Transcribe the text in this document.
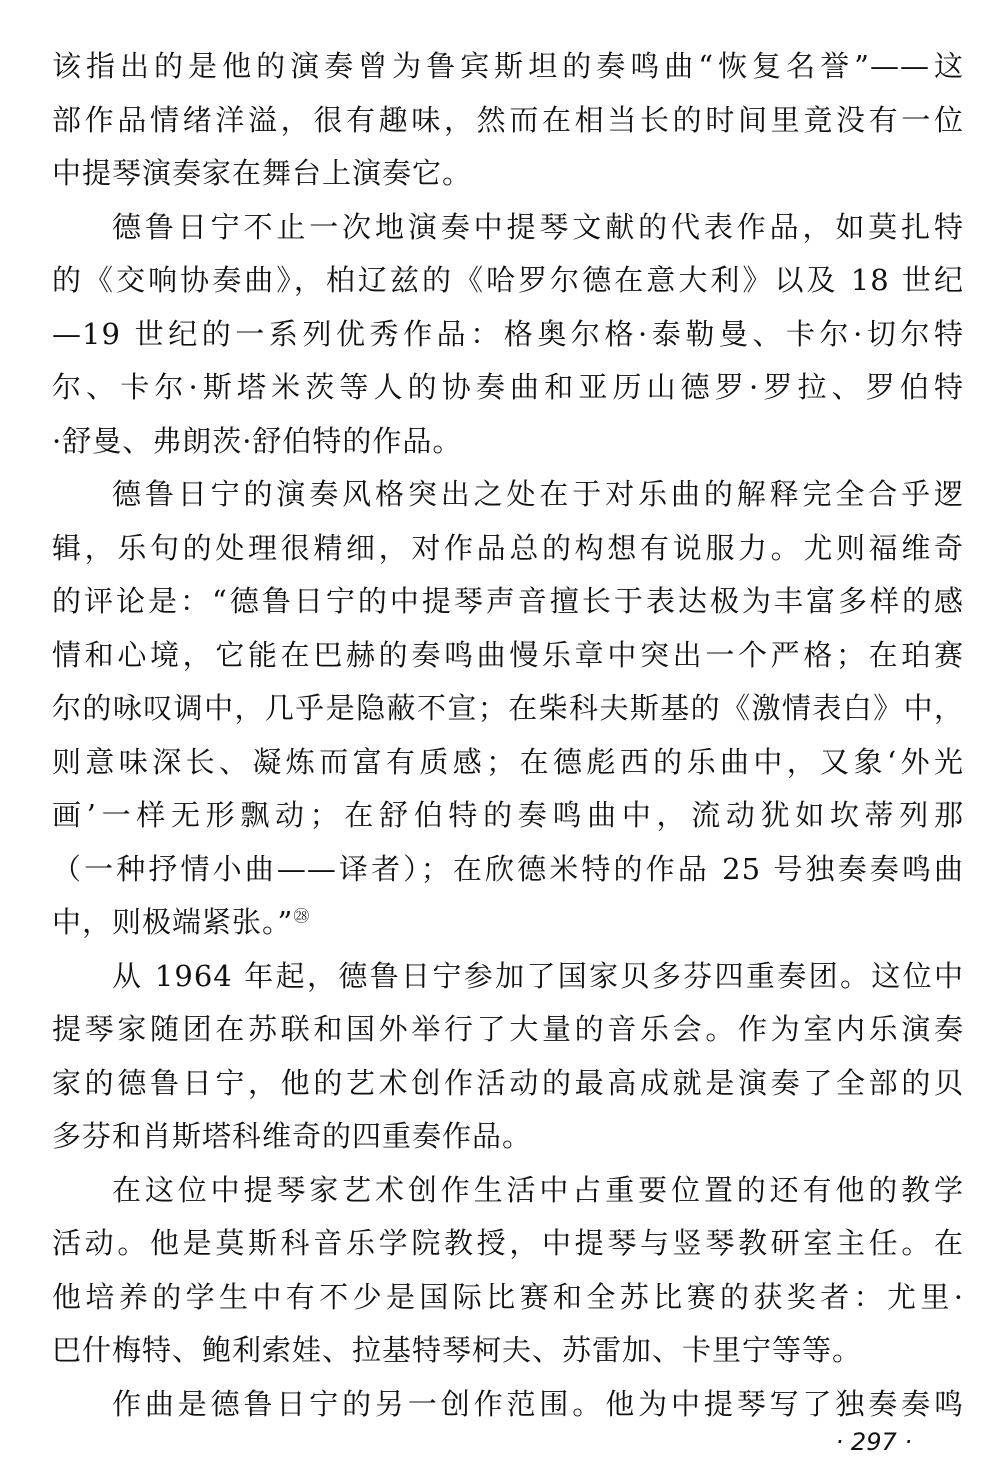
该指出的是他的演奏曾为鲁宾斯坦的奏鸣曲“恢复名誉”——这
部作品情绪洋溢，很有趣味，然而在相当长的时间里竟没有一位
中提琴演奏家在舞台上演奏它。
德鲁日宁不止一次地演奏中提琴文献的代表作品，如莫扎特
的《交响协奏曲》，柏辽兹的《哈罗尔德在意大利》以及 18 世纪
—19 世纪的一系列优秀作品：格奥尔格·泰勒曼、卡尔·切尔特
尔、卡尔·斯塔米茨等人的协奏曲和亚历山德罗·罗拉、罗伯特
·舒曼、弗朗茨·舒伯特的作品。
德鲁日宁的演奏风格突出之处在于对乐曲的解释完全合乎逻
辑，乐句的处理很精细，对作品总的构想有说服力。尤则福维奇
的评论是：“德鲁日宁的中提琴声音擅长于表达极为丰富多样的感
情和心境，它能在巴赫的奏鸣曲慢乐章中突出一个严格；在珀赛
尔的咏叹调中，几乎是隐蔽不宣；在柴科夫斯基的《激情表白》中，
则意味深长、凝炼而富有质感；在德彪西的乐曲中，又象‘外光
画’一样无形飘动；在舒伯特的奏鸣曲中，流动犹如坎蒂列那
（一种抒情小曲——译者）；在欣德米特的作品 25 号独奏奏鸣曲
中，则极端紧张。”$^㉘$
从 1964 年起，德鲁日宁参加了国家贝多芬四重奏团。这位中
提琴家随团在苏联和国外举行了大量的音乐会。作为室内乐演奏
家的德鲁日宁，他的艺术创作活动的最高成就是演奏了全部的贝
多芬和肖斯塔科维奇的四重奏作品。
在这位中提琴家艺术创作生活中占重要位置的还有他的教学
活动。他是莫斯科音乐学院教授，中提琴与竖琴教研室主任。在
他培养的学生中有不少是国际比赛和全苏比赛的获奖者：尤里·
巴什梅特、鲍利索娃、拉基特琴柯夫、苏雷加、卡里宁等等。
作曲是德鲁日宁的另一创作范围。他为中提琴写了独奏奏鸣
· 297 ·
